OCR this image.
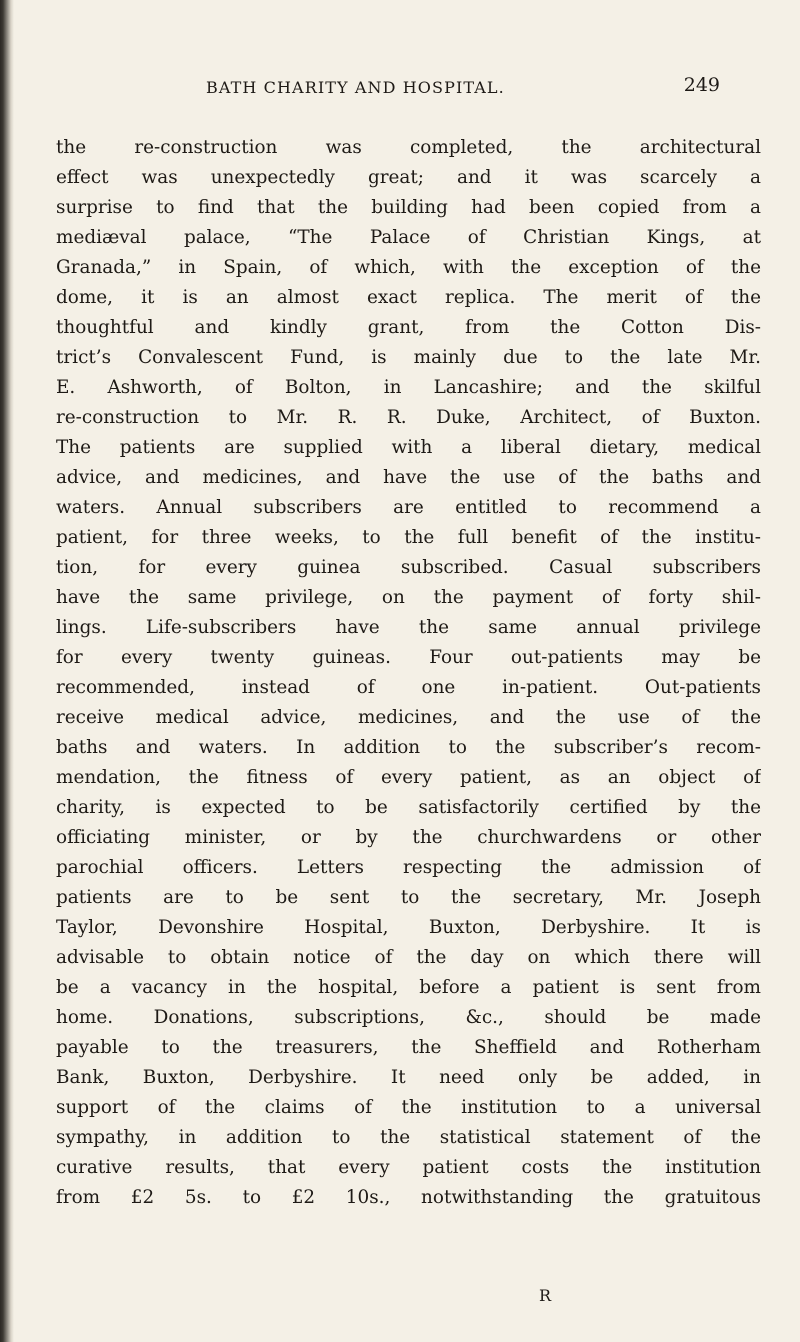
BATH CHARITY AND HOSPITAL.	249
the re-construction was completed, the architectural
effect was unexpectedly great; and it was scarcely a
surprise to find that the building had been copied from a
mediæval palace, “The Palace of Christian Kings, at
Granada,” in Spain, of which, with the exception of the
dome, it is an almost exact replica. The merit of the
thoughtful and kindly grant, from the Cotton Dis-
trict’s Convalescent Fund, is mainly due to the late Mr.
E. Ashworth, of Bolton, in Lancashire; and the skilful
re-construction to Mr. R. R. Duke, Architect, of Buxton.
The patients are supplied with a liberal dietary, medical
advice, and medicines, and have the use of the baths and
waters. Annual subscribers are entitled to recommend a
patient, for three weeks, to the full benefit of the institu-
tion, for every guinea subscribed. Casual subscribers
have the same privilege, on the payment of forty shil-
lings. Life-subscribers have the same annual privilege
for every twenty guineas. Four out-patients may be
recommended, instead of one in-patient. Out-patients
receive medical advice, medicines, and the use of the
baths and waters. In addition to the subscriber’s recom-
mendation, the fitness of every patient, as an object of
charity, is expected to be satisfactorily certified by the
officiating minister, or by the churchwardens or other
parochial officers. Letters respecting the admission of
patients are to be sent to the secretary, Mr. Joseph
Taylor, Devonshire Hospital, Buxton, Derbyshire. It is
advisable to obtain notice of the day on which there will
be a vacancy in the hospital, before a patient is sent from
home. Donations, subscriptions, &c., should be made
payable to the treasurers, the Sheffield and Rotherham
Bank, Buxton, Derbyshire. It need only be added, in
support of the claims of the institution to a universal
sympathy, in addition to the statistical statement of the
curative results, that every patient costs the institution
from £2 5s. to £2 10s., notwithstanding the gratuitous
R
